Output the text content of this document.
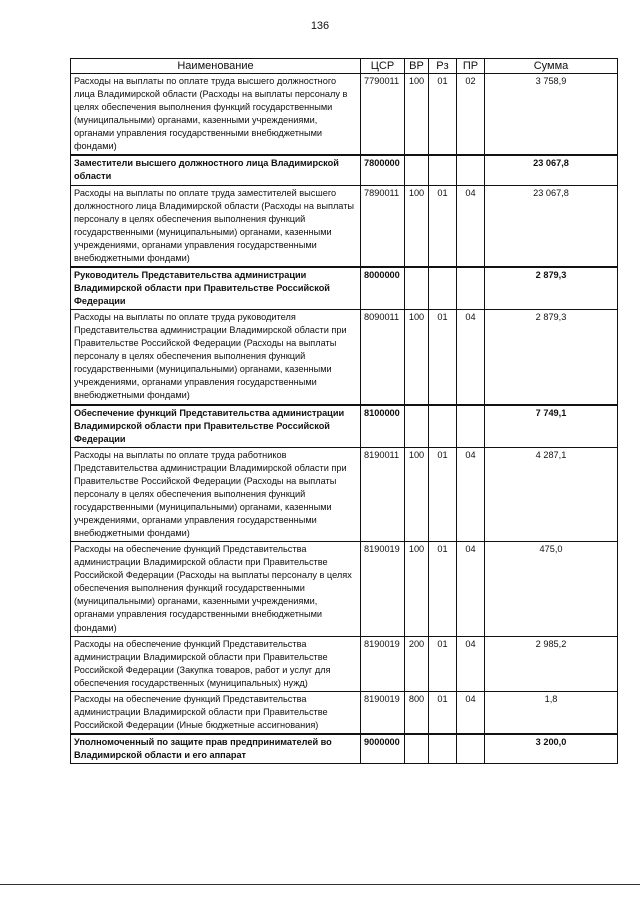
136
Наименование	ЦСР	ВР	Рз	ПР	Сумма
Расходы на выплаты по оплате труда высшего должностного лица Владимирской области (Расходы на выплаты персоналу в целях обеспечения выполнения функций государственными (муниципальными) органами, казенными учреждениями, органами управления государственными внебюджетными фондами)	7790011	100	01	02	3 758,9
Заместители высшего должностного лица Владимирской области	7800000				23 067,8
Расходы на выплаты по оплате труда заместителей высшего должностного лица Владимирской области (Расходы на выплаты персоналу в целях обеспечения выполнения функций государственными (муниципальными) органами, казенными учреждениями, органами управления государственными внебюджетными фондами)	7890011	100	01	04	23 067,8
Руководитель Представительства администрации Владимирской области при Правительстве Российской Федерации	8000000				2 879,3
Расходы на выплаты по оплате труда руководителя Представительства администрации Владимирской области при Правительстве Российской Федерации (Расходы на выплаты персоналу в целях обеспечения выполнения функций государственными (муниципальными) органами, казенными учреждениями, органами управления государственными внебюджетными фондами)	8090011	100	01	04	2 879,3
Обеспечение функций Представительства администрации Владимирской области при Правительстве Российской Федерации	8100000				7 749,1
Расходы на выплаты по оплате труда работников Представительства администрации Владимирской области при Правительстве Российской Федерации (Расходы на выплаты персоналу в целях обеспечения выполнения функций государственными (муниципальными) органами, казенными учреждениями, органами управления государственными внебюджетными фондами)	8190011	100	01	04	4 287,1
Расходы на обеспечение функций Представительства администрации Владимирской области при Правительстве Российской Федерации (Расходы на выплаты персоналу в целях обеспечения выполнения функций государственными (муниципальными) органами, казенными учреждениями, органами управления государственными внебюджетными фондами)	8190019	100	01	04	475,0
Расходы на обеспечение функций Представительства администрации Владимирской области при Правительстве Российской Федерации (Закупка товаров, работ и услуг для обеспечения государственных (муниципальных) нужд)	8190019	200	01	04	2 985,2
Расходы на обеспечение функций Представительства администрации Владимирской области при Правительстве Российской Федерации (Иные бюджетные ассигнования)	8190019	800	01	04	1,8
Уполномоченный по защите прав предпринимателей во Владимирской области и его аппарат	9000000				3 200,0
